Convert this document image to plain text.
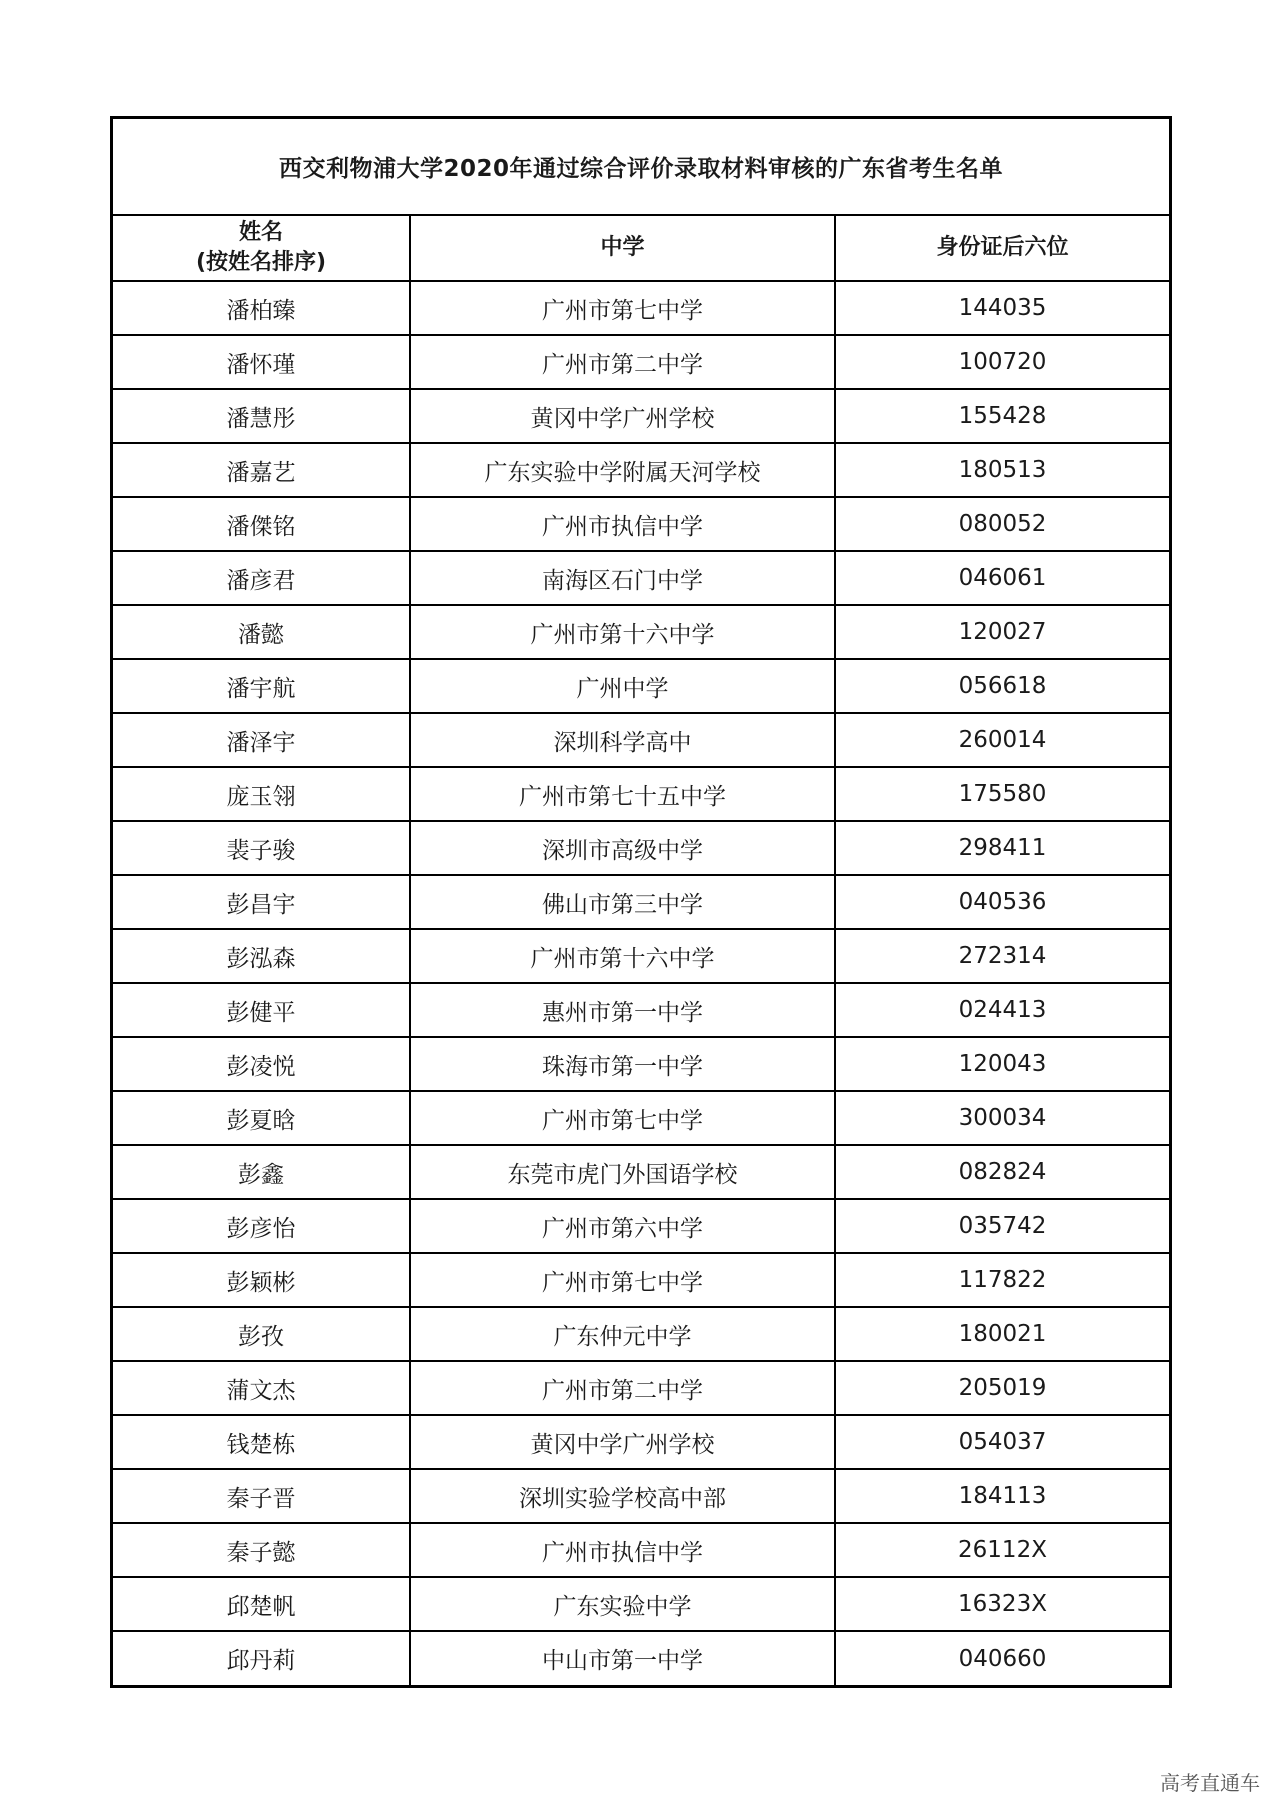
西交利物浦大学2020年通过综合评价录取材料审核的广东省考生名单
姓名
(按姓名排序)	中学	身份证后六位
潘柏臻	广州市第七中学	144035
潘怀瑾	广州市第二中学	100720
潘慧彤	黄冈中学广州学校	155428
潘嘉艺	广东实验中学附属天河学校	180513
潘傑铭	广州市执信中学	080052
潘彦君	南海区石门中学	046061
潘懿	广州市第十六中学	120027
潘宇航	广州中学	056618
潘泽宇	深圳科学高中	260014
庞玉翎	广州市第七十五中学	175580
裴子骏	深圳市高级中学	298411
彭昌宇	佛山市第三中学	040536
彭泓森	广州市第十六中学	272314
彭健平	惠州市第一中学	024413
彭凌悦	珠海市第一中学	120043
彭夏晗	广州市第七中学	300034
彭鑫	东莞市虎门外国语学校	082824
彭彦怡	广州市第六中学	035742
彭颖彬	广州市第七中学	117822
彭孜	广东仲元中学	180021
蒲文杰	广州市第二中学	205019
钱楚栋	黄冈中学广州学校	054037
秦子晋	深圳实验学校高中部	184113
秦子懿	广州市执信中学	26112X
邱楚帆	广东实验中学	16323X
邱丹莉	中山市第一中学	040660
高考直通车
